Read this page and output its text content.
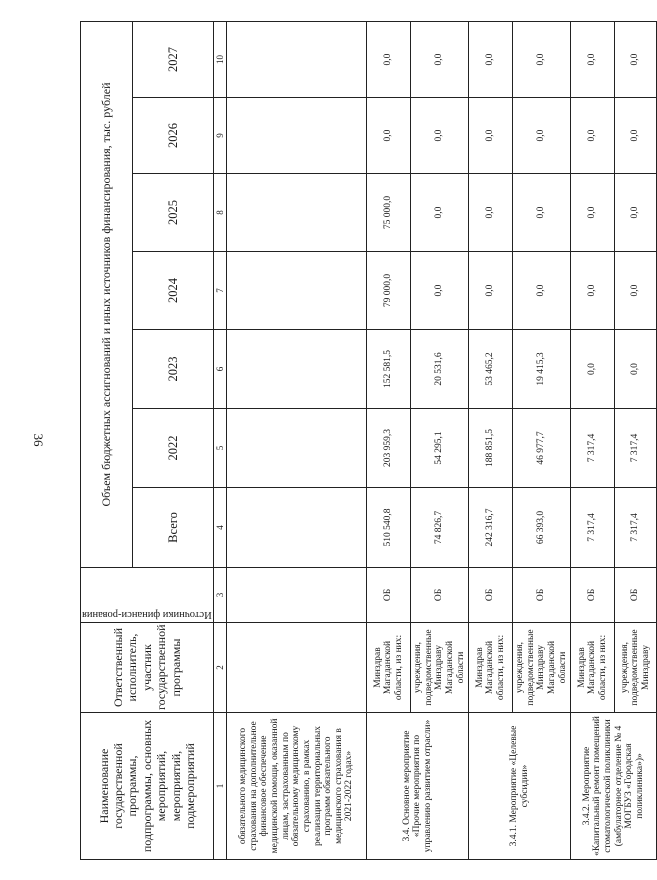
36
Наименование государственной программы, подпрограммы, основных мероприятий, мероприятий, подмероприятий	Ответственный исполнитель, участник государственной программы	Источники финанси-рования	Объем бюджетных ассигнований и иных источников финансирования, тыс. рублей						
			Всего	2022	2023	2024	2025	2026	2027
1	2	3	4	5	6	7	8	9	10
обязательного медицинского страхования на дополнительное финансовое обеспечение медицинской помощи, оказанной лицам, застрахованным по обязательному медицинскому страхованию, в рамках реализации территориальных программ обязательного медицинского страхования в 2021-2022 годах»									
3.4. Основное мероприятие «Прочие мероприятия по управлению развитием отрасли»	Минздрав Магаданской области, из них:	ОБ	510 540,8	203 959,3	152 581,5	79 000,0	75 000,0	0,0	0,0
	учреждения, подведомственные Минздраву Магаданской области	ОБ	74 826,7	54 295,1	20 531,6	0,0	0,0	0,0	0,0
3.4.1. Мероприятие «Целевые субсидии»	Минздрав Магаданской области, из них:	ОБ	242 316,7	188 851,5	53 465,2	0,0	0,0	0,0	0,0
	учреждения, подведомственные Минздраву Магаданской области	ОБ	66 393,0	46 977,7	19 415,3	0,0	0,0	0,0	0,0
3.4.2. Мероприятие «Капитальный ремонт помещений стоматологической поликлиники (амбулаторное отделение № 4 МОГБУЗ «Городская поликлиника»)»	Минздрав Магаданской области, из них:	ОБ	7 317,4	7 317,4	0,0	0,0	0,0	0,0	0,0
	учреждения, подведомственные Минздраву	ОБ	7 317,4	7 317,4	0,0	0,0	0,0	0,0	0,0
